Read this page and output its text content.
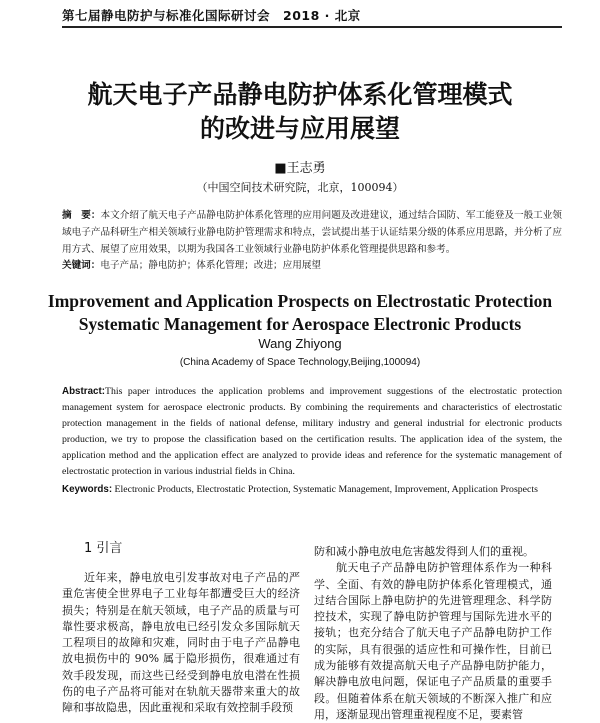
第七届静电防护与标准化国际研讨会　2018 · 北京
航天电子产品静电防护体系化管理模式
的改进与应用展望
■王志勇
（中国空间技术研究院，北京，100094）
摘　要：本文介绍了航天电子产品静电防护体系化管理的应用问题及改进建议，通过结合国防、军工能登及一般工业领域电子产品科研生产相关领域行业静电防护管理需求和特点，尝试提出基于认证结果分级的体系应用思路，并分析了应用方式、展望了应用效果，以期为我国各工业领域行业静电防护体系化管理提供思路和参考。
关键词：电子产品；静电防护；体系化管理；改进；应用展望
Improvement and Application Prospects on Electrostatic Protection
Systematic Management for Aerospace Electronic Products
Wang Zhiyong
(China Academy of Space Technology,Beijing,100094)
Abstract:This paper introduces the application problems and improvement suggestions of the electrostatic protection management system for aerospace electronic products. By combining the requirements and characteristics of electrostatic protection management in the fields of national defense, military industry and general industrial for electronic products production, we try to propose the classification based on the certification results. The application idea of the system, the application method and the application effect are analyzed to provide ideas and reference for the systematic management of electrostatic protection in various industrial fields in China.
Keywords: Electronic Products, Electrostatic Protection, Systematic Management, Improvement, Application Prospects
1 引言

近年来，静电放电引发事故对电子产品的严重危害使全世界电子工业每年都遭受巨大的经济损失；特别是在航天领域，电子产品的质量与可靠性要求极高，静电放电已经引发众多国际航天工程项目的故障和灾难，同时由于电子产品静电放电损伤中的 90% 属于隐形损伤，很难通过有效手段发现，而这些已经受到静电放电潜在性损伤的电子产品将可能对在轨航天器带来重大的故障和事故隐患，因此重视和采取有效控制手段预

防和减小静电放电危害越发得到人们的重视。

航天电子产品静电防护管理体系作为一种科学、全面、有效的静电防护体系化管理模式，通过结合国际上静电防护的先进管理理念、科学防控技术，实现了静电防护管理与国际先进水平的接轨；也充分结合了航天电子产品静电防护工作的实际，具有很强的适应性和可操作性，目前已成为能够有效提高航天电子产品静电防护能力，解决静电放电问题，保证电子产品质量的重要手段。但随着体系在航天领域的不断深入推广和应用，逐渐显现出管理重视程度不足，要素管
